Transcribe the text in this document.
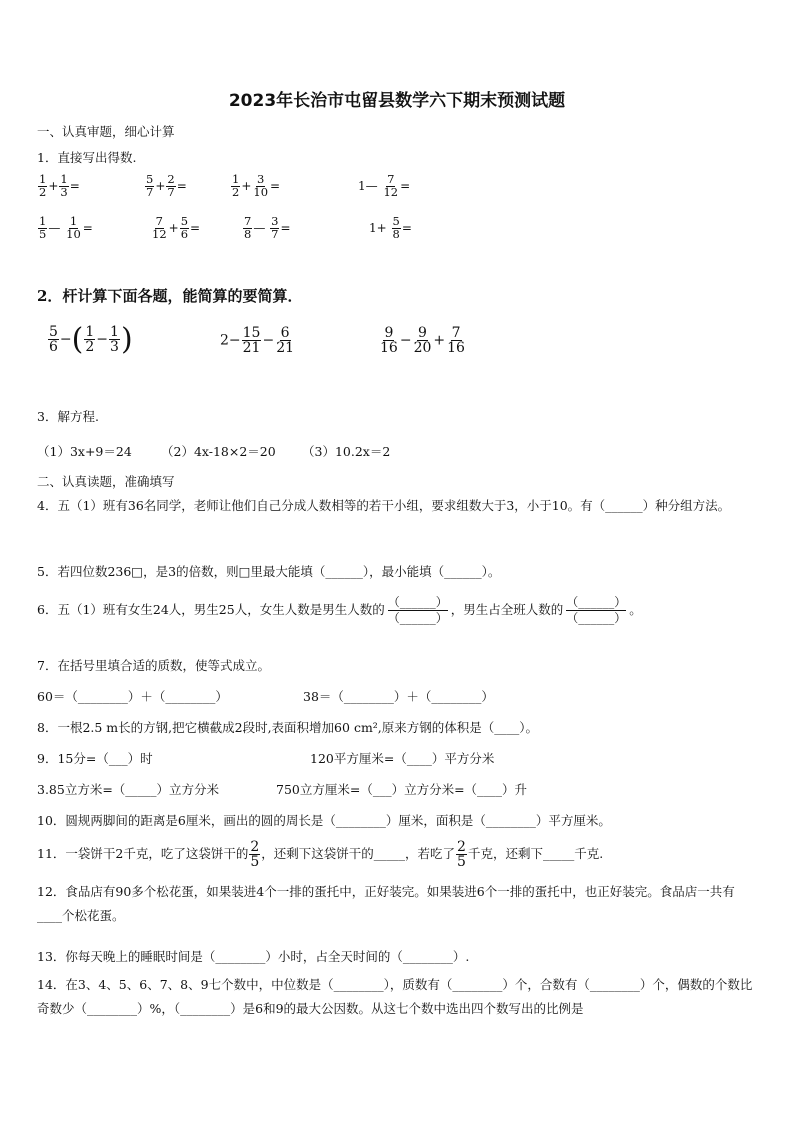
2023年长治市屯留县数学六下期末预测试题
一、认真审题，细心计算
1．直接写出得数.
$\frac{1}{2} + \frac{1}{3}$ =	$\frac{5}{7} + \frac{2}{7}$ =	$\frac{1}{2} + \frac{3}{10}$ =	1— $\frac{7}{12}$ =
$\frac{1}{5}$ — $\frac{1}{10}$ =	$\frac{7}{12} + \frac{5}{6}$ =	$\frac{7}{8}$ — $\frac{3}{7}$ =	$1+ \frac{5}{8}$ =
2．杆计算下面各题，能简算的要简算．
$\frac{5}{6}$ −( $\frac{1}{2} - \frac{1}{3}$ )	$2- \frac{15}{21} - \frac{6}{21}$	$\frac{9}{16} - \frac{9}{20} + \frac{7}{16}$
3．解方程.
（1）3x+9＝24 （2）4x-18×2＝20 （3）10.2x＝2
二、认真读题，准确填写
4．五（1）班有36名同学，老师让他们自己分成人数相等的若干小组，要求组数大于3，小于10。有（______）种分组方法。
5．若四位数236□，是3的倍数，则□里最大能填（______），最小能填（______）。
6．五（1）班有女生24人，男生25人，女生人数是男生人数的 $\frac{(\_\_\_\_\_\_)}{(\_\_\_\_\_\_)}$ ，男生占全班人数的 $\frac{(\_\_\_\_\_\_)}{(\_\_\_\_\_\_)}$ 。
7．在括号里填合适的质数，使等式成立。
60＝（________）＋（________）	38＝（________）＋（________）
8．一根2.5 m长的方钢,把它横截成2段时,表面积增加60 cm²,原来方钢的体积是（____）。
9．15分=（___）时	120平方厘米=（____）平方分米
3.85立方米=（_____）立方分米	750立方厘米=（___）立方分米=（____）升
10．圆规两脚间的距离是6厘米，画出的圆的周长是（________）厘米，面积是（________）平方厘米。
11．一袋饼干2千克，吃了这袋饼干的 $\frac{2}{5}$ ，还剩下这袋饼干的_____，若吃了 $\frac{2}{5}$ 千克，还剩下_____千克.
12．食品店有90多个松花蛋，如果装进4个一排的蛋托中，正好装完。如果装进6个一排的蛋托中，也正好装完。食品店一共有____个松花蛋。
13．你每天晚上的睡眠时间是（________）小时，占全天时间的（________）.
14．在3、4、5、6、7、8、9七个数中，中位数是（________），质数有（________）个，合数有（________）个，偶数的个数比奇数少（________）%，（________）是6和9的最大公因数。从这七个数中选出四个数写出的比例是
